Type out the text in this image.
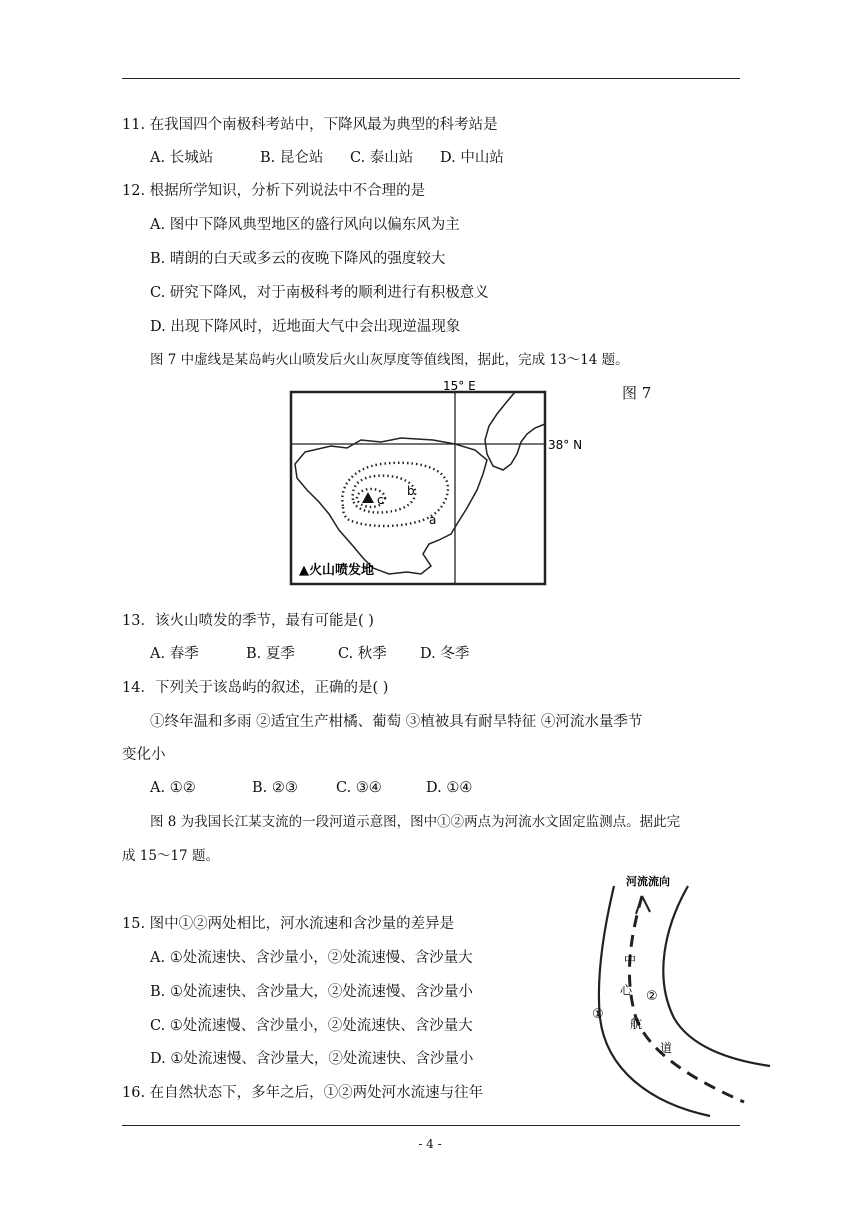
11. 在我国四个南极科考站中，下降风最为典型的科考站是
A. 长城站	B. 昆仑站 C. 泰山站 D. 中山站
12. 根据所学知识，分析下列说法中不合理的是
A. 图中下降风典型地区的盛行风向以偏东风为主
B. 晴朗的白天或多云的夜晚下降风的强度较大
C. 研究下降风，对于南极科考的顺利进行有积极意义
D. 出现下降风时，近地面大气中会出现逆温现象
图 7 中虚线是某岛屿火山喷发后火山灰厚度等值线图，据此，完成 13～14 题。
15° E
38° N
c
b
a
▲火山喷发地
图 7
13．该火山喷发的季节，最有可能是( )
A. 春季	B. 夏季	C. 秋季 D. 冬季
14．下列关于该岛屿的叙述，正确的是( )
①终年温和多雨 ②适宜生产柑橘、葡萄 ③植被具有耐旱特征 ④河流水量季节
变化小
A. ①②	B. ②③	C. ③④	D. ①④
图 8 为我国长江某支流的一段河道示意图，图中①②两点为河流水文固定监测点。据此完
成 15～17 题。
15. 图中①②两处相比，河水流速和含沙量的差异是
A. ①处流速快、含沙量小，②处流速慢、含沙量大
B. ①处流速快、含沙量大，②处流速慢、含沙量小
C. ①处流速慢、含沙量小，②处流速快、含沙量大
D. ①处流速慢、含沙量大，②处流速快、含沙量小
16. 在自然状态下，多年之后，①②两处河水流速与往年
河流流向
中
心
航
道
①
②
- 4 -
